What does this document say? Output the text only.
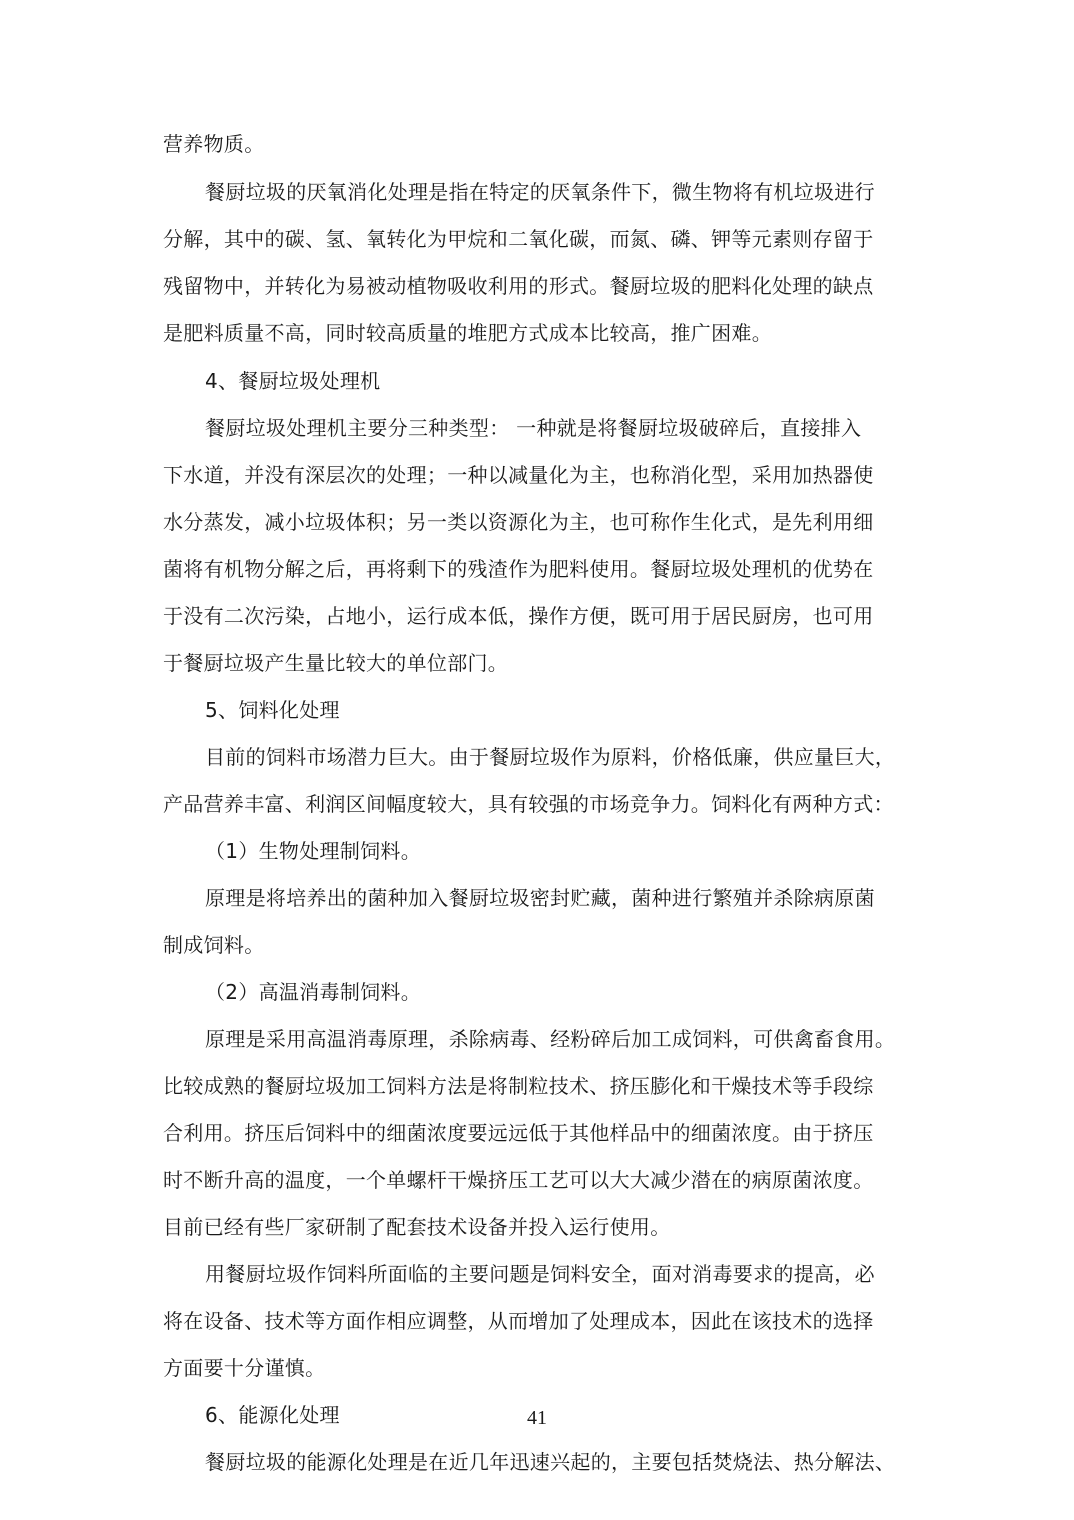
营养物质。
餐厨垃圾的厌氧消化处理是指在特定的厌氧条件下，微生物将有机垃圾进行
分解，其中的碳、氢、氧转化为甲烷和二氧化碳，而氮、磷、钾等元素则存留于
残留物中，并转化为易被动植物吸收利用的形式。餐厨垃圾的肥料化处理的缺点
是肥料质量不高，同时较高质量的堆肥方式成本比较高，推广困难。
4、餐厨垃圾处理机
餐厨垃圾处理机主要分三种类型： 一种就是将餐厨垃圾破碎后，直接排入
下水道，并没有深层次的处理；一种以减量化为主，也称消化型，采用加热器使
水分蒸发，减小垃圾体积；另一类以资源化为主，也可称作生化式，是先利用细
菌将有机物分解之后，再将剩下的残渣作为肥料使用。餐厨垃圾处理机的优势在
于没有二次污染，占地小，运行成本低，操作方便，既可用于居民厨房，也可用
于餐厨垃圾产生量比较大的单位部门。
5、饲料化处理
目前的饲料市场潜力巨大。由于餐厨垃圾作为原料，价格低廉，供应量巨大，
产品营养丰富、利润区间幅度较大，具有较强的市场竞争力。饲料化有两种方式：
（1）生物处理制饲料。
原理是将培养出的菌种加入餐厨垃圾密封贮藏，菌种进行繁殖并杀除病原菌
制成饲料。
（2）高温消毒制饲料。
原理是采用高温消毒原理，杀除病毒、经粉碎后加工成饲料，可供禽畜食用。
比较成熟的餐厨垃圾加工饲料方法是将制粒技术、挤压膨化和干燥技术等手段综
合利用。挤压后饲料中的细菌浓度要远远低于其他样品中的细菌浓度。由于挤压
时不断升高的温度，一个单螺杆干燥挤压工艺可以大大减少潜在的病原菌浓度。
目前已经有些厂家研制了配套技术设备并投入运行使用。
用餐厨垃圾作饲料所面临的主要问题是饲料安全，面对消毒要求的提高，必
将在设备、技术等方面作相应调整，从而增加了处理成本，因此在该技术的选择
方面要十分谨慎。
6、能源化处理
餐厨垃圾的能源化处理是在近几年迅速兴起的，主要包括焚烧法、热分解法、
41
